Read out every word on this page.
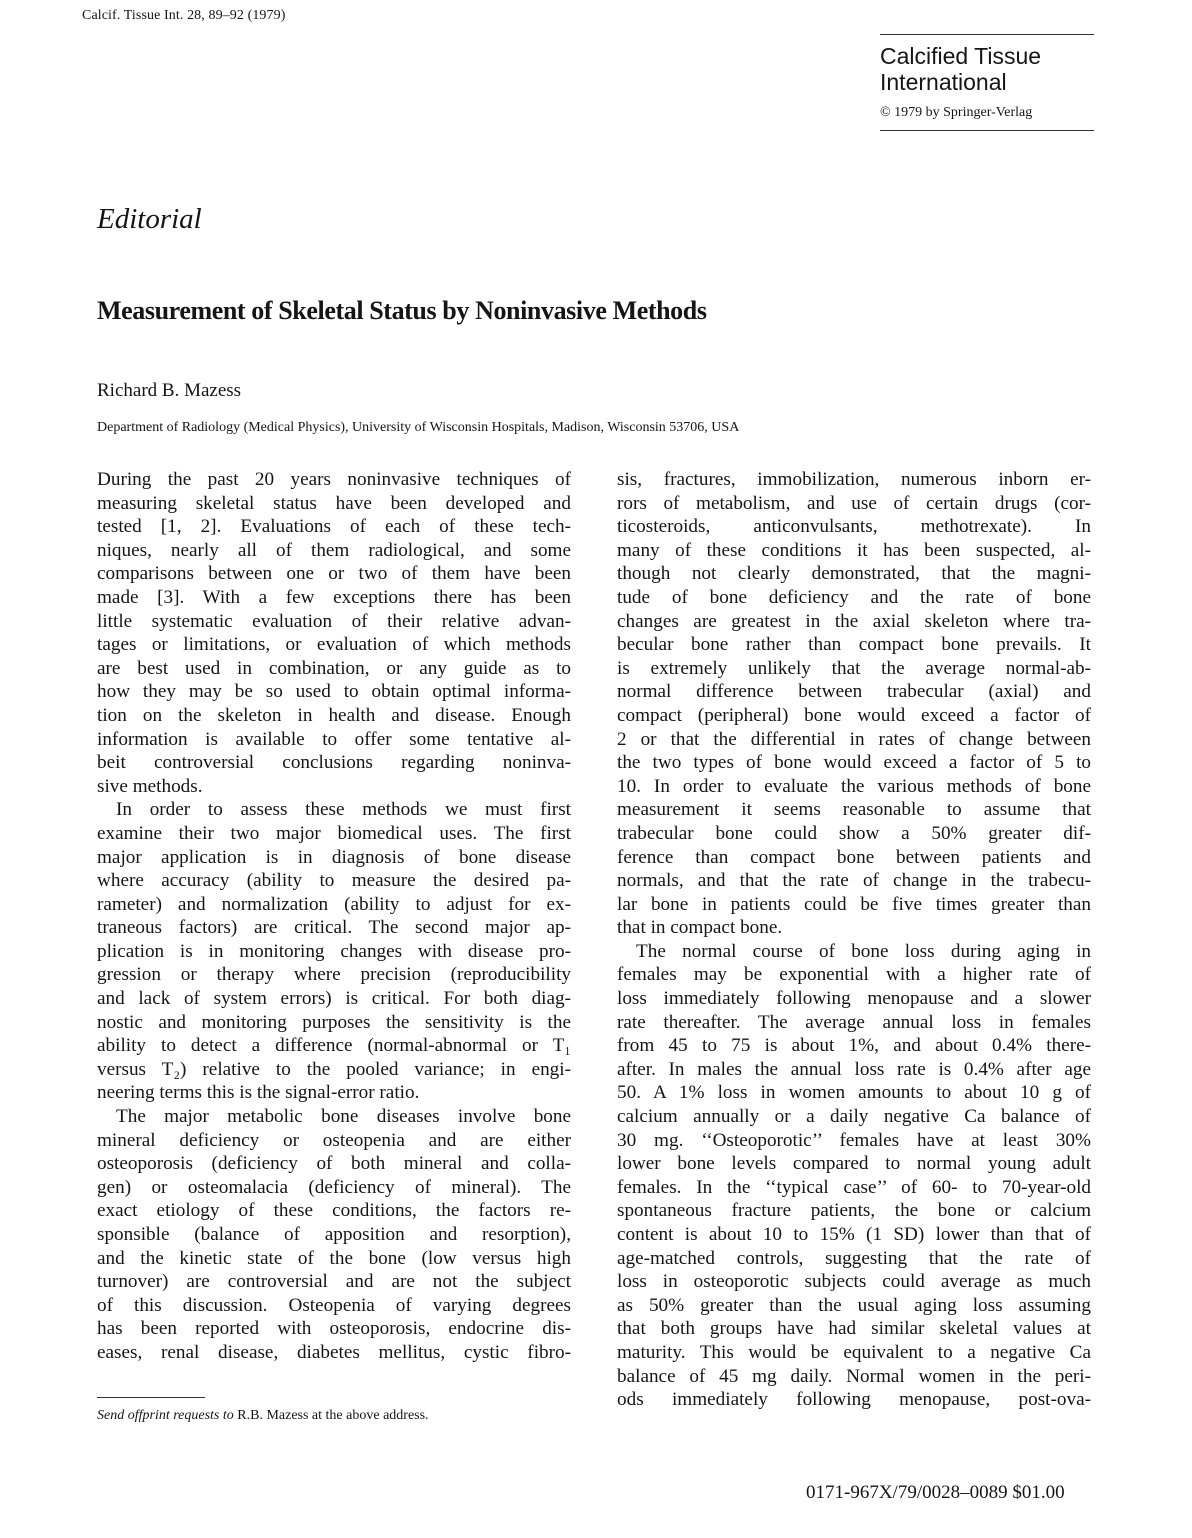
Calcif. Tissue Int. 28, 89–92 (1979)
Calcified Tissue
International
© 1979 by Springer-Verlag
Editorial
Measurement of Skeletal Status by Noninvasive Methods
Richard B. Mazess
Department of Radiology (Medical Physics), University of Wisconsin Hospitals, Madison, Wisconsin 53706, USA
During the past 20 years noninvasive techniques of
measuring skeletal status have been developed and
tested [1, 2]. Evaluations of each of these tech-
niques, nearly all of them radiological, and some
comparisons between one or two of them have been
made [3]. With a few exceptions there has been
little systematic evaluation of their relative advan-
tages or limitations, or evaluation of which methods
are best used in combination, or any guide as to
how they may be so used to obtain optimal informa-
tion on the skeleton in health and disease. Enough
information is available to offer some tentative al-
beit controversial conclusions regarding noninva-
sive methods.
In order to assess these methods we must first
examine their two major biomedical uses. The first
major application is in diagnosis of bone disease
where accuracy (ability to measure the desired pa-
rameter) and normalization (ability to adjust for ex-
traneous factors) are critical. The second major ap-
plication is in monitoring changes with disease pro-
gression or therapy where precision (reproducibility
and lack of system errors) is critical. For both diag-
nostic and monitoring purposes the sensitivity is the
ability to detect a difference (normal-abnormal or T₁
versus T₂) relative to the pooled variance; in engi-
neering terms this is the signal-error ratio.
The major metabolic bone diseases involve bone
mineral deficiency or osteopenia and are either
osteoporosis (deficiency of both mineral and colla-
gen) or osteomalacia (deficiency of mineral). The
exact etiology of these conditions, the factors re-
sponsible (balance of apposition and resorption),
and the kinetic state of the bone (low versus high
turnover) are controversial and are not the subject
of this discussion. Osteopenia of varying degrees
has been reported with osteoporosis, endocrine dis-
eases, renal disease, diabetes mellitus, cystic fibro-
sis, fractures, immobilization, numerous inborn er-
rors of metabolism, and use of certain drugs (cor-
ticosteroids, anticonvulsants, methotrexate). In
many of these conditions it has been suspected, al-
though not clearly demonstrated, that the magni-
tude of bone deficiency and the rate of bone
changes are greatest in the axial skeleton where tra-
becular bone rather than compact bone prevails. It
is extremely unlikely that the average normal-ab-
normal difference between trabecular (axial) and
compact (peripheral) bone would exceed a factor of
2 or that the differential in rates of change between
the two types of bone would exceed a factor of 5 to
10. In order to evaluate the various methods of bone
measurement it seems reasonable to assume that
trabecular bone could show a 50% greater dif-
ference than compact bone between patients and
normals, and that the rate of change in the trabecu-
lar bone in patients could be five times greater than
that in compact bone.
The normal course of bone loss during aging in
females may be exponential with a higher rate of
loss immediately following menopause and a slower
rate thereafter. The average annual loss in females
from 45 to 75 is about 1%, and about 0.4% there-
after. In males the annual loss rate is 0.4% after age
50. A 1% loss in women amounts to about 10 g of
calcium annually or a daily negative Ca balance of
30 mg. ‘‘Osteoporotic’’ females have at least 30%
lower bone levels compared to normal young adult
females. In the ‘‘typical case’’ of 60- to 70-year-old
spontaneous fracture patients, the bone or calcium
content is about 10 to 15% (1 SD) lower than that of
age-matched controls, suggesting that the rate of
loss in osteoporotic subjects could average as much
as 50% greater than the usual aging loss assuming
that both groups have had similar skeletal values at
maturity. This would be equivalent to a negative Ca
balance of 45 mg daily. Normal women in the peri-
ods immediately following menopause, post-ova-
Send offprint requests to R.B. Mazess at the above address.
0171-967X/79/0028–0089 $01.00
